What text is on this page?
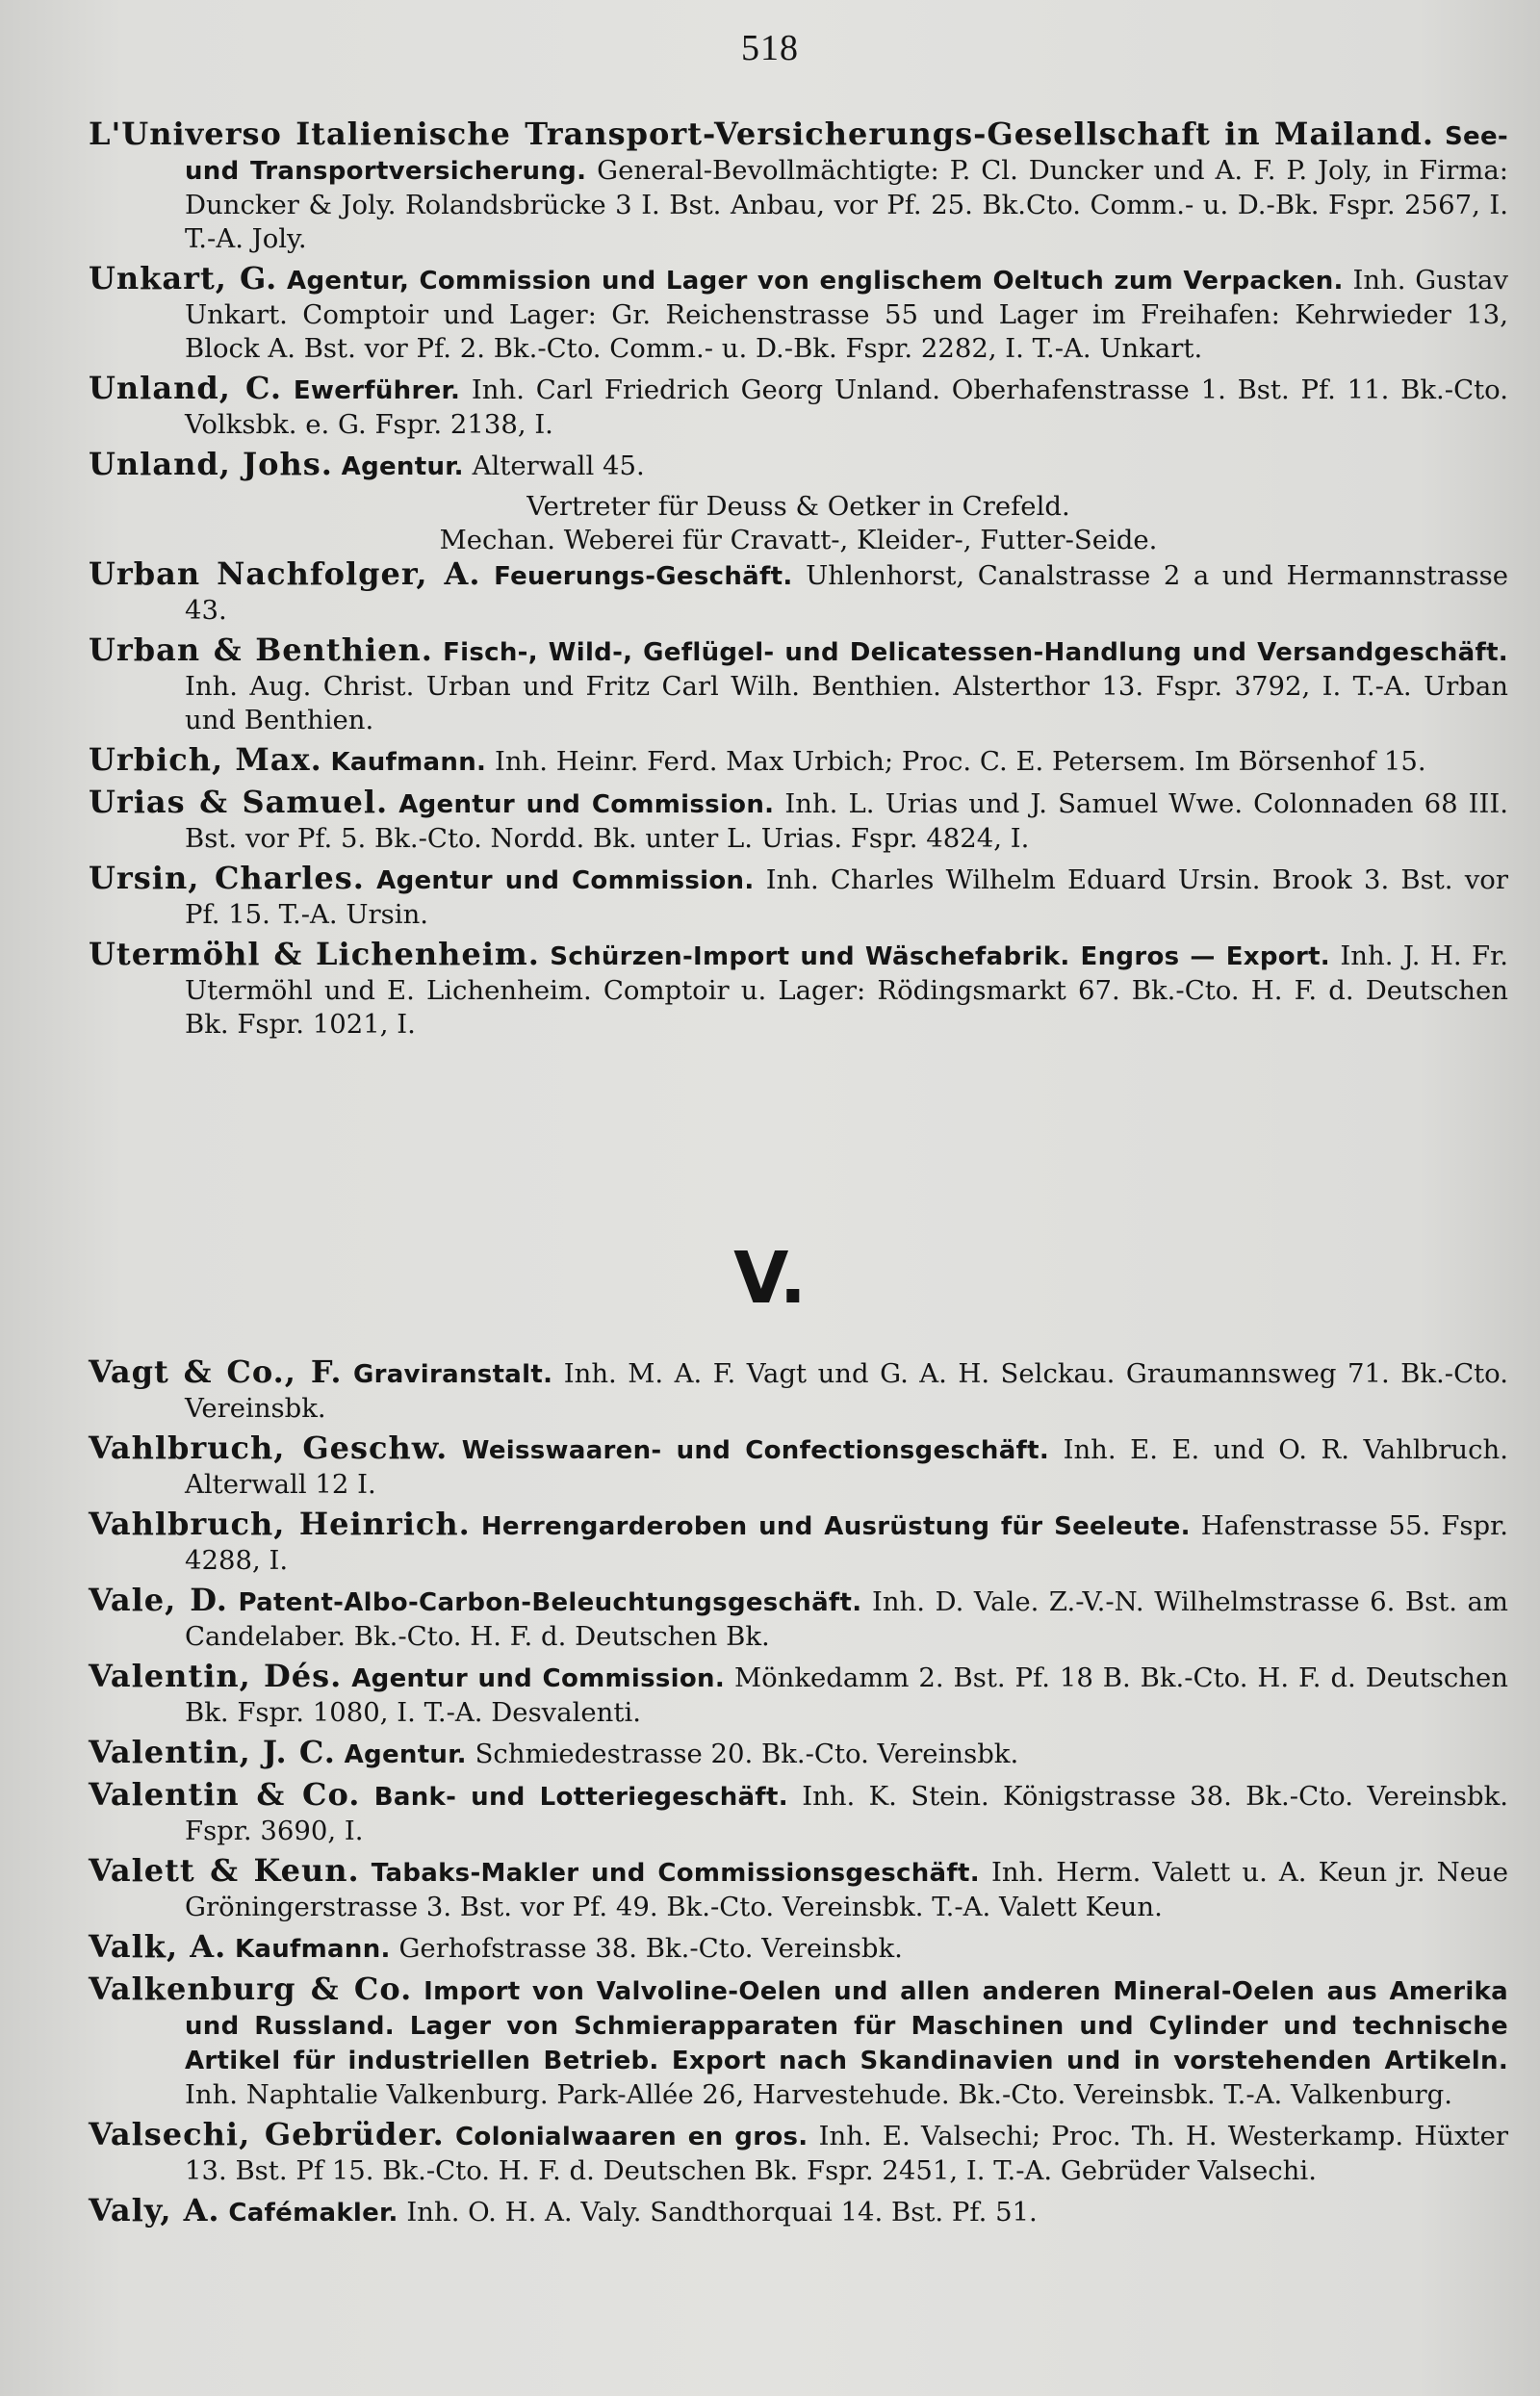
518

L'Universo Italienische Transport-Versicherungs-Gesellschaft in Mailand. See- und Transportversicherung. General-Bevollmächtigte: P. Cl. Duncker und A. F. P. Joly, in Firma: Duncker & Joly. Rolandsbrücke 3 I. Bst. Anbau, vor Pf. 25. Bk.Cto. Comm.- u. D.-Bk. Fspr. 2567, I. T.-A. Joly.

Unkart, G. Agentur, Commission und Lager von englischem Oeltuch zum Verpacken. Inh. Gustav Unkart. Comptoir und Lager: Gr. Reichenstrasse 55 und Lager im Freihafen: Kehrwieder 13, Block A. Bst. vor Pf. 2. Bk.-Cto. Comm.- u. D.-Bk. Fspr. 2282, I. T.-A. Unkart.

Unland, C. Ewerführer. Inh. Carl Friedrich Georg Unland. Oberhafenstrasse 1. Bst. Pf. 11. Bk.-Cto. Volksbk. e. G. Fspr. 2138, I.

Unland, Johs. Agentur. Alterwall 45.

Vertreter für Deuss & Oetker in Crefeld.

Mechan. Weberei für Cravatt-, Kleider-, Futter-Seide.

Urban Nachfolger, A. Feuerungs-Geschäft. Uhlenhorst, Canalstrasse 2 a und Hermannstrasse 43.

Urban & Benthien. Fisch-, Wild-, Geflügel- und Delicatessen-Handlung und Versandgeschäft. Inh. Aug. Christ. Urban und Fritz Carl Wilh. Benthien. Alsterthor 13. Fspr. 3792, I. T.-A. Urban und Benthien.

Urbich, Max. Kaufmann. Inh. Heinr. Ferd. Max Urbich; Proc. C. E. Petersem. Im Börsenhof 15.

Urias & Samuel. Agentur und Commission. Inh. L. Urias und J. Samuel Wwe. Colonnaden 68 III. Bst. vor Pf. 5. Bk.-Cto. Nordd. Bk. unter L. Urias. Fspr. 4824, I.

Ursin, Charles. Agentur und Commission. Inh. Charles Wilhelm Eduard Ursin. Brook 3. Bst. vor Pf. 15. T.-A. Ursin.

Utermöhl & Lichenheim. Schürzen-Import und Wäschefabrik. Engros — Export. Inh. J. H. Fr. Utermöhl und E. Lichenheim. Comptoir u. Lager: Rödingsmarkt 67. Bk.-Cto. H. F. d. Deutschen Bk. Fspr. 1021, I.

V.

Vagt & Co., F. Graviranstalt. Inh. M. A. F. Vagt und G. A. H. Selckau. Graumannsweg 71. Bk.-Cto. Vereinsbk.

Vahlbruch, Geschw. Weisswaaren- und Confectionsgeschäft. Inh. E. E. und O. R. Vahlbruch. Alterwall 12 I.

Vahlbruch, Heinrich. Herrengarderoben und Ausrüstung für Seeleute. Hafenstrasse 55. Fspr. 4288, I.

Vale, D. Patent-Albo-Carbon-Beleuchtungsgeschäft. Inh. D. Vale. Z.-V.-N. Wilhelmstrasse 6. Bst. am Candelaber. Bk.-Cto. H. F. d. Deutschen Bk.

Valentin, Dés. Agentur und Commission. Mönkedamm 2. Bst. Pf. 18 B. Bk.-Cto. H. F. d. Deutschen Bk. Fspr. 1080, I. T.-A. Desvalenti.

Valentin, J. C. Agentur. Schmiedestrasse 20. Bk.-Cto. Vereinsbk.

Valentin & Co. Bank- und Lotteriegeschäft. Inh. K. Stein. Königstrasse 38. Bk.-Cto. Vereinsbk. Fspr. 3690, I.

Valett & Keun. Tabaks-Makler und Commissionsgeschäft. Inh. Herm. Valett u. A. Keun jr. Neue Gröningerstrasse 3. Bst. vor Pf. 49. Bk.-Cto. Vereinsbk. T.-A. Valett Keun.

Valk, A. Kaufmann. Gerhofstrasse 38. Bk.-Cto. Vereinsbk.

Valkenburg & Co. Import von Valvoline-Oelen und allen anderen Mineral-Oelen aus Amerika und Russland. Lager von Schmierapparaten für Maschinen und Cylinder und technische Artikel für industriellen Betrieb. Export nach Skandinavien und in vorstehenden Artikeln. Inh. Naphtalie Valkenburg. Park-Allée 26, Harvestehude. Bk.-Cto. Vereinsbk. T.-A. Valkenburg.

Valsechi, Gebrüder. Colonialwaaren en gros. Inh. E. Valsechi; Proc. Th. H. Westerkamp. Hüxter 13. Bst. Pf 15. Bk.-Cto. H. F. d. Deutschen Bk. Fspr. 2451, I. T.-A. Gebrüder Valsechi.

Valy, A. Cafémakler. Inh. O. H. A. Valy. Sandthorquai 14. Bst. Pf. 51.
